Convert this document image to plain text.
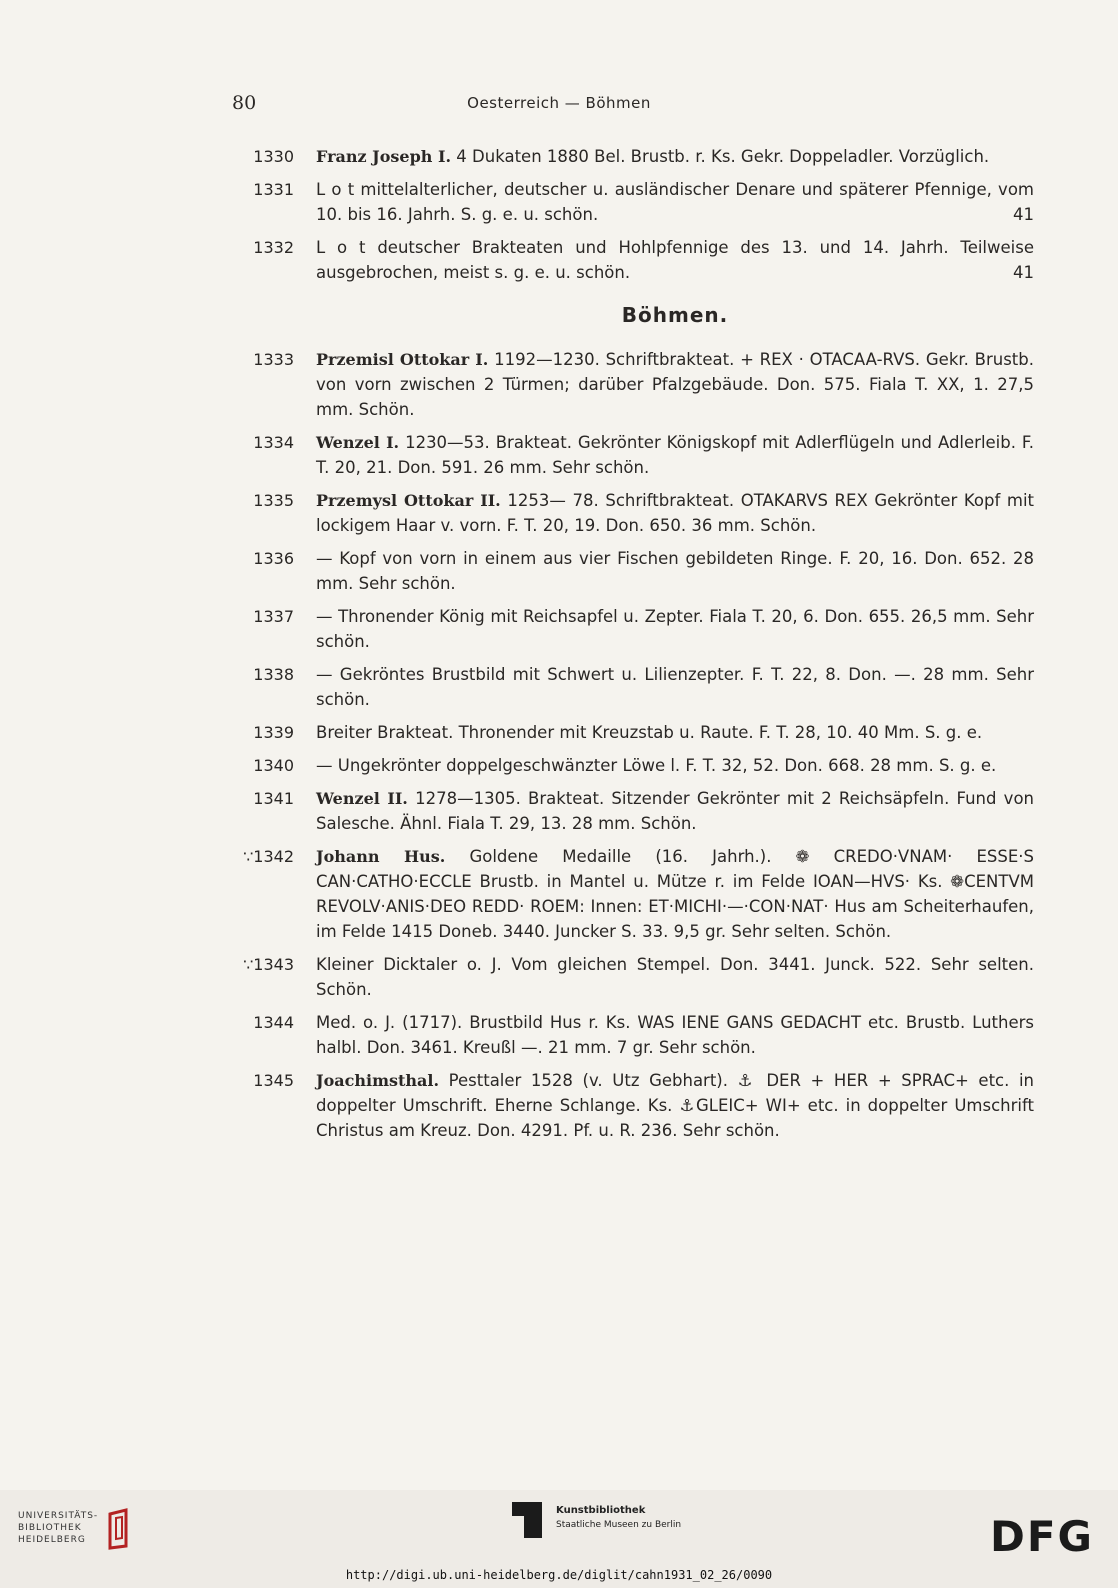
80	Oesterreich — Böhmen
1330 Franz Joseph I. 4 Dukaten 1880 Bel. Brustb. r. Ks. Gekr. Doppeladler. Vorzüglich.
1331 L o t mittelalterlicher, deutscher u. ausländischer Denare und späterer Pfennige, vom 10. bis 16. Jahrh. S. g. e. u. schön.	41
1332 L o t deutscher Brakteaten und Hohlpfennige des 13. und 14. Jahrh. Teilweise ausgebrochen, meist s. g. e. u. schön.	41
Böhmen.
1333 Przemisl Ottokar I. 1192—1230. Schriftbrakteat. + REX · OTACAA-RVS. Gekr. Brustb. von vorn zwischen 2 Türmen; darüber Pfalzgebäude. Don. 575. Fiala T. XX, 1. 27,5 mm. Schön.
1334 Wenzel I. 1230—53. Brakteat. Gekrönter Königskopf mit Adlerflügeln und Adlerleib. F. T. 20, 21. Don. 591. 26 mm. Sehr schön.
1335 Przemysl Ottokar II. 1253— 78. Schriftbrakteat. OTAKARVS REX Gekrönter Kopf mit lockigem Haar v. vorn. F. T. 20, 19. Don. 650. 36 mm. Schön.
1336 — Kopf von vorn in einem aus vier Fischen gebildeten Ringe. F. 20, 16. Don. 652. 28 mm. Sehr schön.
1337 — Thronender König mit Reichsapfel u. Zepter. Fiala T. 20, 6. Don. 655. 26,5 mm. Sehr schön.
1338 — Gekröntes Brustbild mit Schwert u. Lilienzepter. F. T. 22, 8. Don. —. 28 mm. Sehr schön.
1339 Breiter Brakteat. Thronender mit Kreuzstab u. Raute. F. T. 28, 10. 40 Mm. S. g. e.
1340 — Ungekrönter doppelgeschwänzter Löwe l. F. T. 32, 52. Don. 668. 28 mm. S. g. e.
1341 Wenzel II. 1278—1305. Brakteat. Sitzender Gekrönter mit 2 Reichsäpfeln. Fund von Salesche. Ähnl. Fiala T. 29, 13. 28 mm. Schön.
∵1342 Johann Hus. Goldene Medaille (16. Jahrh.). ❁ CREDO·VNAM· ESSE·S CAN·CATHO·ECCLE Brustb. in Mantel u. Mütze r. im Felde IOAN—HVS· Ks. ❁CENTVM REVOLV·ANIS·DEO REDD· ROEM: Innen: ET·MICHI·—·CON·NAT· Hus am Scheiterhaufen, im Felde 1415 Doneb. 3440. Juncker S. 33. 9,5 gr. Sehr selten. Schön.
∵1343 Kleiner Dicktaler o. J. Vom gleichen Stempel. Don. 3441. Junck. 522. Sehr selten. Schön.
1344 Med. o. J. (1717). Brustbild Hus r. Ks. WAS IENE GANS GEDACHT etc. Brustb. Luthers halbl. Don. 3461. Kreußl —. 21 mm. 7 gr. Sehr schön.
1345 Joachimsthal. Pesttaler 1528 (v. Utz Gebhart). ⚓ DER + HER + SPRAC+ etc. in doppelter Umschrift. Eherne Schlange. Ks. ⚓GLEIC+ WI+ etc. in doppelter Umschrift Christus am Kreuz. Don. 4291. Pf. u. R. 236. Sehr schön.
UNIVERSITÄTS-
BIBLIOTHEK
HEIDELBERG
Kunstbibliothek
Staatliche Museen zu Berlin	DFG
http://digi.ub.uni-heidelberg.de/diglit/cahn1931_02_26/0090
